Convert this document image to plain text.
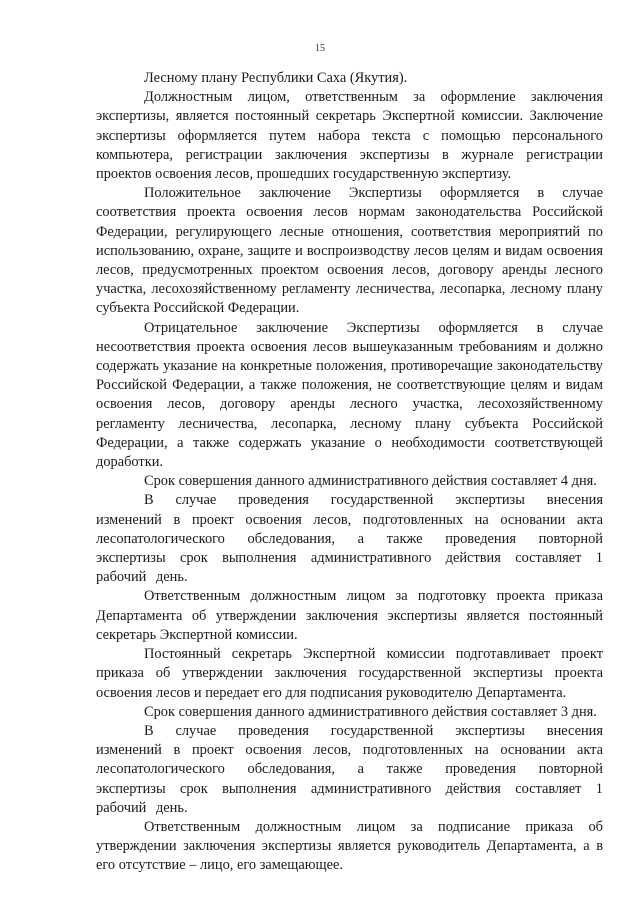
15

Лесному плану Республики Саха (Якутия).

Должностным лицом, ответственным за оформление заключения экспертизы, является постоянный секретарь Экспертной комиссии. Заключение экспертизы оформляется путем набора текста с помощью персонального компьютера, регистрации заключения экспертизы в журнале регистрации проектов освоения лесов, прошедших государственную экспертизу.

Положительное заключение Экспертизы оформляется в случае соответствия проекта освоения лесов нормам законодательства Российской Федерации, регулирующего лесные отношения, соответствия мероприятий по использованию, охране, защите и воспроизводству лесов целям и видам освоения лесов, предусмотренных проектом освоения лесов, договору аренды лесного участка, лесохозяйственному регламенту лесничества, лесопарка, лесному плану субъекта Российской Федерации.

Отрицательное заключение Экспертизы оформляется в случае несоответствия проекта освоения лесов вышеуказанным требованиям и должно содержать указание на конкретные положения, противоречащие законодательству Российской Федерации, а также положения, не соответствующие целям и видам освоения лесов, договору аренды лесного участка, лесохозяйственному регламенту лесничества, лесопарка, лесному плану субъекта Российской Федерации, а также содержать указание о необходимости соответствующей доработки.

Срок совершения данного административного действия составляет 4 дня.

В случае проведения государственной экспертизы внесения изменений в проект освоения лесов, подготовленных на основании акта лесопатологического обследования, а также проведения повторной экспертизы срок выполнения административного действия составляет 1 рабочий день.

Ответственным должностным лицом за подготовку проекта приказа Департамента об утверждении заключения экспертизы является постоянный секретарь Экспертной комиссии.

Постоянный секретарь Экспертной комиссии подготавливает проект приказа об утверждении заключения государственной экспертизы проекта освоения лесов и передает его для подписания руководителю Департамента.

Срок совершения данного административного действия составляет 3 дня.

В случае проведения государственной экспертизы внесения изменений в проект освоения лесов, подготовленных на основании акта лесопатологического обследования, а также проведения повторной экспертизы срок выполнения административного действия составляет 1 рабочий день.

Ответственным должностным лицом за подписание приказа об утверждении заключения экспертизы является руководитель Департамента, а в его отсутствие – лицо, его замещающее.
